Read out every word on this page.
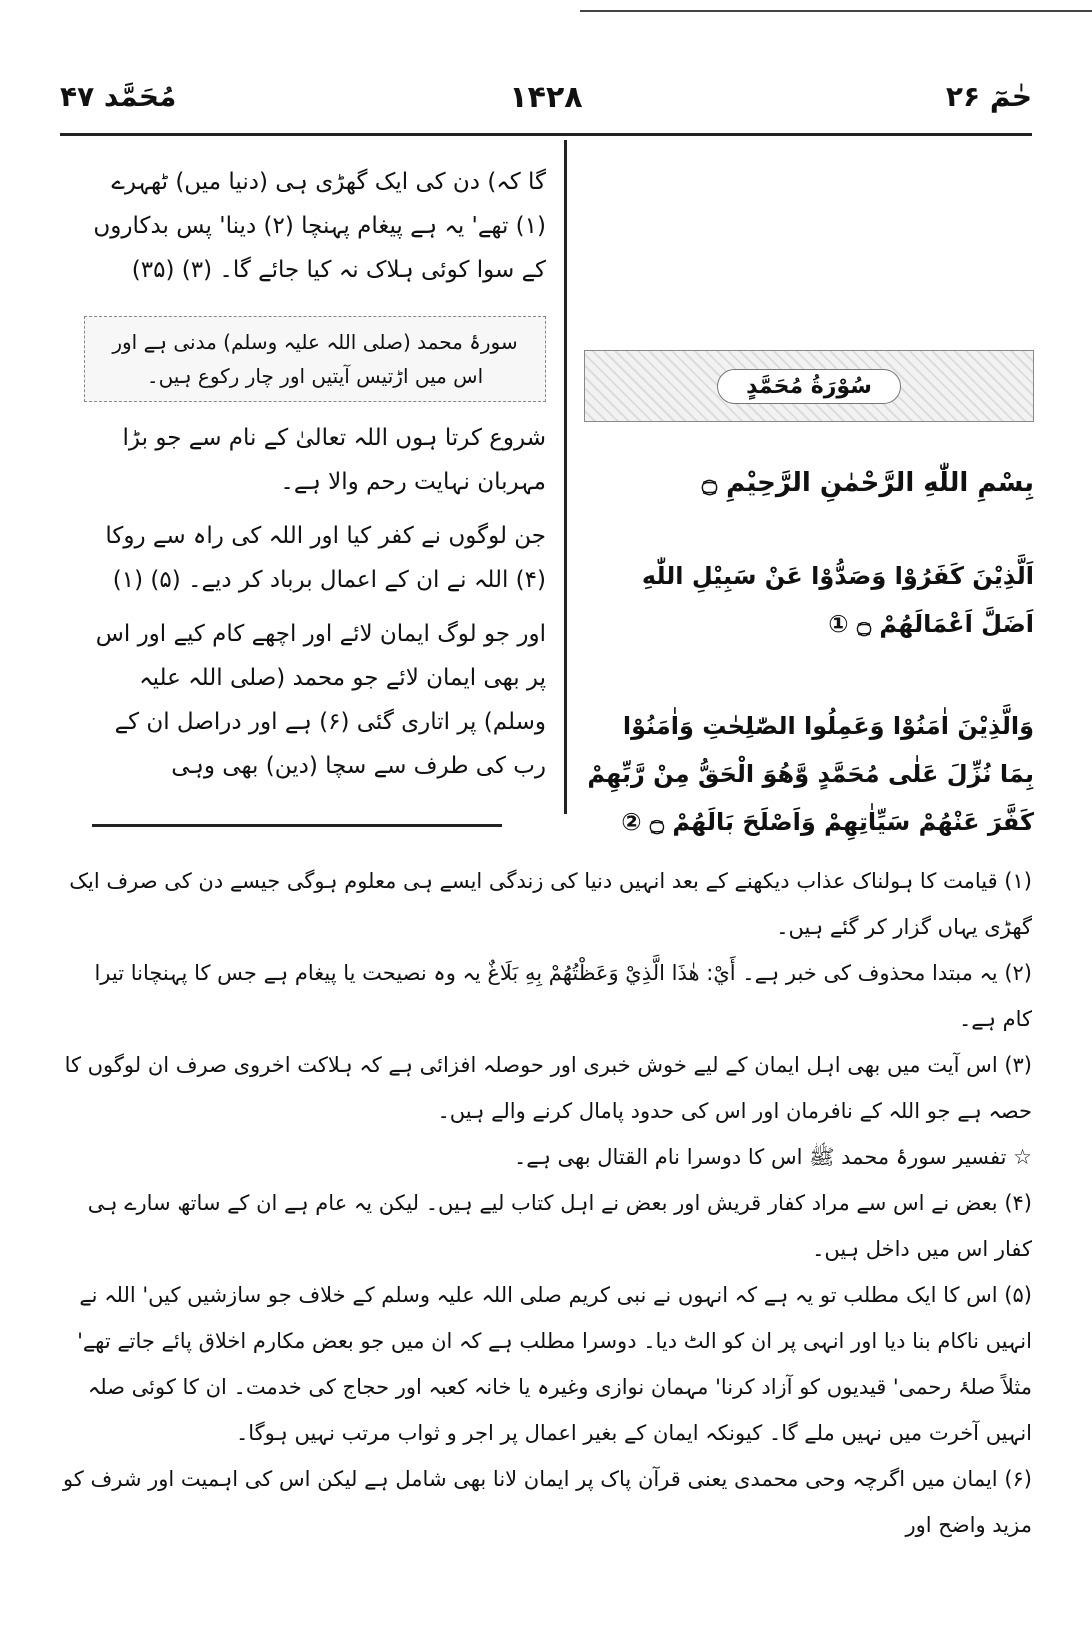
حٰمٓ ۲۶
۱۴۲۸
مُحَمَّد ۴۷
سُوْرَةُ مُحَمَّدٍ

بِسْمِ اللّٰهِ الرَّحْمٰنِ الرَّحِيْمِ ۝

اَلَّذِيْنَ كَفَرُوْا وَصَدُّوْا عَنْ سَبِيْلِ اللّٰهِ اَضَلَّ اَعْمَالَهُمْ ۝ ①

وَالَّذِيْنَ اٰمَنُوْا وَعَمِلُوا الصّٰلِحٰتِ وَاٰمَنُوْا بِمَا نُزِّلَ عَلٰى مُحَمَّدٍ وَّهُوَ الْحَقُّ مِنْ رَّبِّهِمْ كَفَّرَ عَنْهُمْ سَيِّاٰتِهِمْ وَاَصْلَحَ بَالَهُمْ ۝ ②

گا کہ) دن کی ایک گھڑی ہی (دنیا میں) ٹھہرے (۱) تھے' یہ ہے پیغام پہنچا (۲) دینا' پس بدکاروں کے سوا کوئی ہلاک نہ کیا جائے گا۔ (۳) (۳۵)

سورۂ محمد (صلی اللہ علیہ وسلم) مدنی ہے اور اس میں اڑتیس آیتیں اور چار رکوع ہیں۔

شروع کرتا ہوں اللہ تعالیٰ کے نام سے جو بڑا مہربان نہایت رحم والا ہے۔

جن لوگوں نے کفر کیا اور اللہ کی راہ سے روکا (۴) اللہ نے ان کے اعمال برباد کر دیے۔ (۵) (۱)

اور جو لوگ ایمان لائے اور اچھے کام کیے اور اس پر بھی ایمان لائے جو محمد (صلی اللہ علیہ وسلم) پر اتاری گئی (۶) ہے اور دراصل ان کے رب کی طرف سے سچا (دین) بھی وہی

(۱) قیامت کا ہولناک عذاب دیکھنے کے بعد انہیں دنیا کی زندگی ایسے ہی معلوم ہوگی جیسے دن کی صرف ایک گھڑی یہاں گزار کر گئے ہیں۔

(۲) یہ مبتدا محذوف کی خبر ہے۔ أَيْ: هٰذَا الَّذِيْ وَعَظْتُهُمْ بِهِ بَلَاغٌ یہ وہ نصیحت یا پیغام ہے جس کا پہنچانا تیرا کام ہے۔

(۳) اس آیت میں بھی اہل ایمان کے لیے خوش خبری اور حوصلہ افزائی ہے کہ ہلاکت اخروی صرف ان لوگوں کا حصہ ہے جو اللہ کے نافرمان اور اس کی حدود پامال کرنے والے ہیں۔

☆ تفسیر سورۂ محمد ﷺ اس کا دوسرا نام القتال بھی ہے۔

(۴) بعض نے اس سے مراد کفار قریش اور بعض نے اہل کتاب لیے ہیں۔ لیکن یہ عام ہے ان کے ساتھ سارے ہی کفار اس میں داخل ہیں۔

(۵) اس کا ایک مطلب تو یہ ہے کہ انہوں نے نبی کریم صلی اللہ علیہ وسلم کے خلاف جو سازشیں کیں' اللہ نے انہیں ناکام بنا دیا اور انہی پر ان کو الٹ دیا۔ دوسرا مطلب ہے کہ ان میں جو بعض مکارم اخلاق پائے جاتے تھے' مثلاً صلۂ رحمی' قیدیوں کو آزاد کرنا' مہمان نوازی وغیرہ یا خانہ کعبہ اور حجاج کی خدمت۔ ان کا کوئی صلہ انہیں آخرت میں نہیں ملے گا۔ کیونکہ ایمان کے بغیر اعمال پر اجر و ثواب مرتب نہیں ہوگا۔

(۶) ایمان میں اگرچہ وحی محمدی یعنی قرآن پاک پر ایمان لانا بھی شامل ہے لیکن اس کی اہمیت اور شرف کو مزید واضح اور
